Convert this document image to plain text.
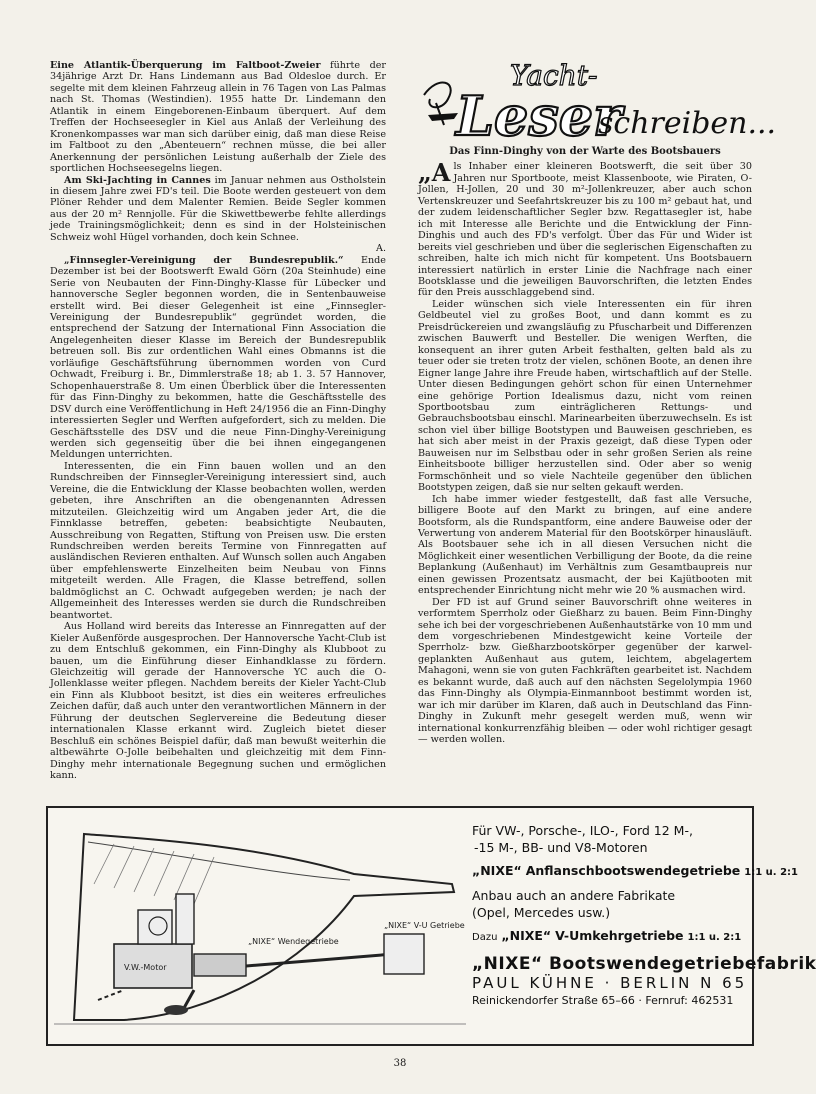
Eine Atlantik-Überquerung im Faltboot-Zweier führte der 34jährige Arzt Dr. Hans Lindemann aus Bad Oldesloe durch. Er segelte mit dem kleinen Fahrzeug allein in 76 Tagen von Las Palmas nach St. Thomas (Westindien). 1955 hatte Dr. Lindemann den Atlantik in einem Eingeborenen-Einbaum überquert. Auf dem Treffen der Hochseesegler in Kiel aus Anlaß der Verleihung des Kronenkompasses war man sich darüber einig, daß man diese Reise im Faltboot zu den „Abenteuern“ rechnen müsse, die bei aller Anerkennung der persönlichen Leistung außerhalb der Ziele des sportlichen Hochseesegelns liegen.

Am Ski-Jachting in Cannes im Januar nehmen aus Ostholstein in diesem Jahre zwei FD's teil. Die Boote werden gesteuert von dem Plöner Rehder und dem Malenter Remien. Beide Segler kommen aus der 20 m² Rennjolle. Für die Skiwettbewerbe fehlte allerdings jede Trainingsmöglichkeit; denn es sind in der Holsteinischen Schweiz wohl Hügel vorhanden, doch kein Schnee.

A.

„Finnsegler-Vereinigung der Bundesrepublik.“ Ende Dezember ist bei der Bootswerft Ewald Görn (20a Steinhude) eine Serie von Neubauten der Finn-Dinghy-Klasse für Lübecker und hannoversche Segler begonnen worden, die in Sentenbauweise erstellt wird. Bei dieser Gelegenheit ist eine „Finnsegler-Vereinigung der Bundesrepublik“ gegründet worden, die entsprechend der Satzung der International Finn Association die Angelegenheiten dieser Klasse im Bereich der Bundesrepublik betreuen soll. Bis zur ordentlichen Wahl eines Obmanns ist die vorläufige Geschäftsführung übernommen worden von Curd Ochwadt, Freiburg i. Br., Dimmlerstraße 18; ab 1. 3. 57 Hannover, Schopenhauerstraße 8. Um einen Überblick über die Interessenten für das Finn-Dinghy zu bekommen, hatte die Geschäftsstelle des DSV durch eine Veröffentlichung in Heft 24/1956 die an Finn-Dinghy interessierten Segler und Werften aufgefordert, sich zu melden. Die Geschäftsstelle des DSV und die neue Finn-Dinghy-Vereinigung werden sich gegenseitig über die bei ihnen eingegangenen Meldungen unterrichten.

Interessenten, die ein Finn bauen wollen und an den Rundschreiben der Finnsegler-Vereinigung interessiert sind, auch Vereine, die die Entwicklung der Klasse beobachten wollen, werden gebeten, ihre Anschriften an die obengenannten Adressen mitzuteilen. Gleichzeitig wird um Angaben jeder Art, die die Finnklasse betreffen, gebeten: beabsichtigte Neubauten, Ausschreibung von Regatten, Stiftung von Preisen usw. Die ersten Rundschreiben werden bereits Termine von Finnregatten auf ausländischen Revieren enthalten. Auf Wunsch sollen auch Angaben über empfehlenswerte Einzelheiten beim Neubau von Finns mitgeteilt werden. Alle Fragen, die Klasse betreffend, sollen baldmöglichst an C. Ochwadt aufgegeben werden; je nach der Allgemeinheit des Interesses werden sie durch die Rundschreiben beantwortet.

Aus Holland wird bereits das Interesse an Finnregatten auf der Kieler Außenförde ausgesprochen. Der Hannoversche Yacht-Club ist zu dem Entschluß gekommen, ein Finn-Dinghy als Klubboot zu bauen, um die Einführung dieser Einhandklasse zu fördern. Gleichzeitig will gerade der Hannoversche YC auch die O-Jollenklasse weiter pflegen. Nachdem bereits der Kieler Yacht-Club ein Finn als Klubboot besitzt, ist dies ein weiteres erfreuliches Zeichen dafür, daß auch unter den verantwortlichen Männern in der Führung der deutschen Seglervereine die Bedeutung dieser internationalen Klasse erkannt wird. Zugleich bietet dieser Beschluß ein schönes Beispiel dafür, daß man bewußt weiterhin die altbewährte O-Jolle beibehalten und gleichzeitig mit dem Finn-Dinghy mehr internationale Begegnung suchen und ermöglichen kann.

Yacht-
Leser
schreiben...
Das Finn-Dinghy von der Warte des Bootsbauers

„Als Inhaber einer kleineren Bootswerft, die seit über 30 Jahren nur Sportboote, meist Klassenboote, wie Piraten, O-Jollen, H-Jollen, 20 und 30 m²-Jollenkreuzer, aber auch schon Vertenskreuzer und Seefahrtskreuzer bis zu 100 m² gebaut hat, und der zudem leidenschaftlicher Segler bzw. Regattasegler ist, habe ich mit Interesse alle Berichte und die Entwicklung der Finn-Dinghis und auch des FD's verfolgt. Über das Für und Wider ist bereits viel geschrieben und über die seglerischen Eigenschaften zu schreiben, halte ich mich nicht für kompetent. Uns Bootsbauern interessiert natürlich in erster Linie die Nachfrage nach einer Bootsklasse und die jeweiligen Bauvorschriften, die letzten Endes für den Preis ausschlaggebend sind.

Leider wünschen sich viele Interessenten ein für ihren Geldbeutel viel zu großes Boot, und dann kommt es zu Preisdrückereien und zwangsläufig zu Pfuscharbeit und Differenzen zwischen Bauwerft und Besteller. Die wenigen Werften, die konsequent an ihrer guten Arbeit festhalten, gelten bald als zu teuer oder sie treten trotz der vielen, schönen Boote, an denen ihre Eigner lange Jahre ihre Freude haben, wirtschaftlich auf der Stelle. Unter diesen Bedingungen gehört schon für einen Unternehmer eine gehörige Portion Idealismus dazu, nicht vom reinen Sportbootsbau zum einträglicheren Rettungs- und Gebrauchsbootsbau einschl. Marinearbeiten überzuwechseln. Es ist schon viel über billige Bootstypen und Bauweisen geschrieben, es hat sich aber meist in der Praxis gezeigt, daß diese Typen oder Bauweisen nur im Selbstbau oder in sehr großen Serien als reine Einheitsboote billiger herzustellen sind. Oder aber so wenig Formschönheit und so viele Nachteile gegenüber den üblichen Bootstypen zeigen, daß sie nur selten gekauft werden.

Ich habe immer wieder festgestellt, daß fast alle Versuche, billigere Boote auf den Markt zu bringen, auf eine andere Bootsform, als die Rundspantform, eine andere Bauweise oder der Verwertung von anderem Material für den Bootskörper hinausläuft. Als Bootsbauer sehe ich in all diesen Versuchen nicht die Möglichkeit einer wesentlichen Verbilligung der Boote, da die reine Beplankung (Außenhaut) im Verhältnis zum Gesamtbaupreis nur einen gewissen Prozentsatz ausmacht, der bei Kajütbooten mit entsprechender Einrichtung nicht mehr wie 20 % ausmachen wird.

Der FD ist auf Grund seiner Bauvorschrift ohne weiteres in verformtem Sperrholz oder Gießharz zu bauen. Beim Finn-Dinghy sehe ich bei der vorgeschriebenen Außenhautstärke von 10 mm und dem vorgeschriebenen Mindestgewicht keine Vorteile der Sperrholz- bzw. Gießharzbootskörper gegenüber der karwel-geplankten Außenhaut aus gutem, leichtem, abgelagertem Mahagoni, wenn sie von guten Fachkräften gearbeitet ist. Nachdem es bekannt wurde, daß auch auf den nächsten Segelolympia 1960 das Finn-Dinghy als Olympia-Einmannboot bestimmt worden ist, war ich mir darüber im Klaren, daß auch in Deutschland das Finn-Dinghy in Zukunft mehr gesegelt werden muß, wenn wir international konkurrenzfähig bleiben — oder wohl richtiger gesagt — werden wollen.

„NIXE“ Wendegetriebe
„NIXE“ V-U Getriebe
V.W.-Motor
Für VW-, Porsche-, ILO-, Ford 12 M-,
-15 M-, BB- und V8-Motoren
„NIXE“ Anflanschbootswendegetriebe 1:1 u. 2:1
Anbau auch an andere Fabrikate
(Opel, Mercedes usw.)
Dazu „NIXE“ V-Umkehrgetriebe 1:1 u. 2:1
„NIXE“ Bootswendegetriebefabrik
PAUL KÜHNE · BERLIN N 65
Reinickendorfer Straße 65–66 · Fernruf: 462531
38
